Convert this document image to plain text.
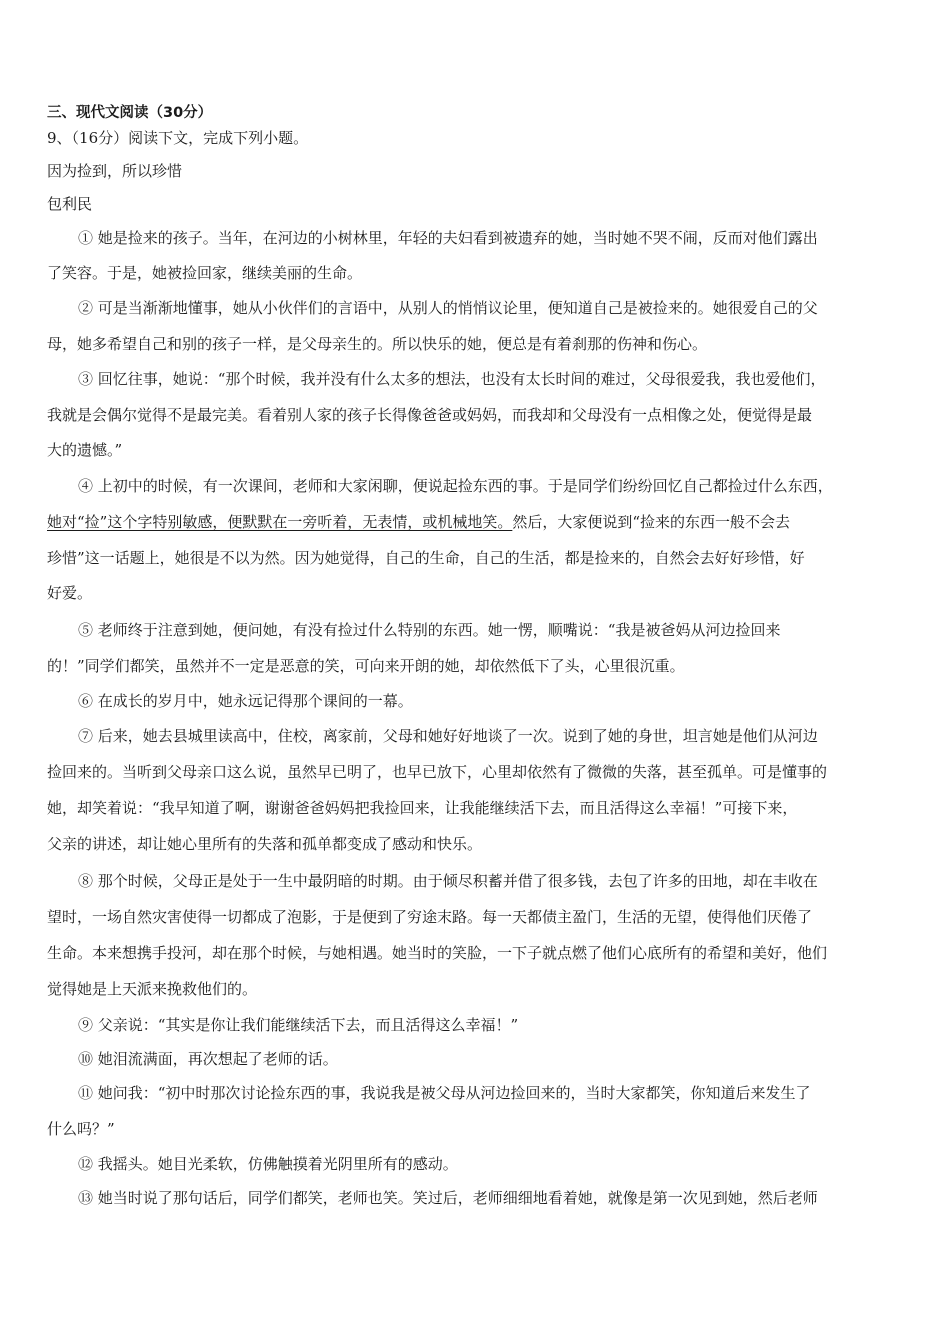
三、现代文阅读（30分）
9、（16分）阅读下文，完成下列小题。
因为捡到，所以珍惜
包利民
① 她是捡来的孩子。当年，在河边的小树林里，年轻的夫妇看到被遗弃的她，当时她不哭不闹，反而对他们露出
了笑容。于是，她被捡回家，继续美丽的生命。
② 可是当渐渐地懂事，她从小伙伴们的言语中，从别人的悄悄议论里，便知道自己是被捡来的。她很爱自己的父
母，她多希望自己和别的孩子一样，是父母亲生的。所以快乐的她，便总是有着刹那的伤神和伤心。
③ 回忆往事，她说：“那个时候，我并没有什么太多的想法，也没有太长时间的难过，父母很爱我，我也爱他们，
我就是会偶尔觉得不是最完美。看着别人家的孩子长得像爸爸或妈妈，而我却和父母没有一点相像之处，便觉得是最
大的遗憾。”
④ 上初中的时候，有一次课间，老师和大家闲聊，便说起捡东西的事。于是同学们纷纷回忆自己都捡过什么东西，
她对“捡”这个字特别敏感，便默默在一旁听着，无表情，或机械地笑。然后，大家便说到“捡来的东西一般不会去
珍惜”这一话题上，她很是不以为然。因为她觉得，自己的生命，自己的生活，都是捡来的，自然会去好好珍惜，好
好爱。
⑤ 老师终于注意到她，便问她，有没有捡过什么特别的东西。她一愣，顺嘴说：“我是被爸妈从河边捡回来
的！”同学们都笑，虽然并不一定是恶意的笑，可向来开朗的她，却依然低下了头，心里很沉重。
⑥ 在成长的岁月中，她永远记得那个课间的一幕。
⑦ 后来，她去县城里读高中，住校，离家前，父母和她好好地谈了一次。说到了她的身世，坦言她是他们从河边
捡回来的。当听到父母亲口这么说，虽然早已明了，也早已放下，心里却依然有了微微的失落，甚至孤单。可是懂事的
她，却笑着说：“我早知道了啊，谢谢爸爸妈妈把我捡回来，让我能继续活下去，而且活得这么幸福！”可接下来，
父亲的讲述，却让她心里所有的失落和孤单都变成了感动和快乐。
⑧ 那个时候，父母正是处于一生中最阴暗的时期。由于倾尽积蓄并借了很多钱，去包了许多的田地，却在丰收在
望时，一场自然灾害使得一切都成了泡影，于是便到了穷途末路。每一天都债主盈门，生活的无望，使得他们厌倦了
生命。本来想携手投河，却在那个时候，与她相遇。她当时的笑脸，一下子就点燃了他们心底所有的希望和美好，他们
觉得她是上天派来挽救他们的。
⑨ 父亲说：“其实是你让我们能继续活下去，而且活得这么幸福！”
⑩ 她泪流满面，再次想起了老师的话。
⑪ 她问我：“初中时那次讨论捡东西的事，我说我是被父母从河边捡回来的，当时大家都笑，你知道后来发生了
什么吗？”
⑫ 我摇头。她目光柔软，仿佛触摸着光阴里所有的感动。
⑬ 她当时说了那句话后，同学们都笑，老师也笑。笑过后，老师细细地看着她，就像是第一次见到她，然后老师
